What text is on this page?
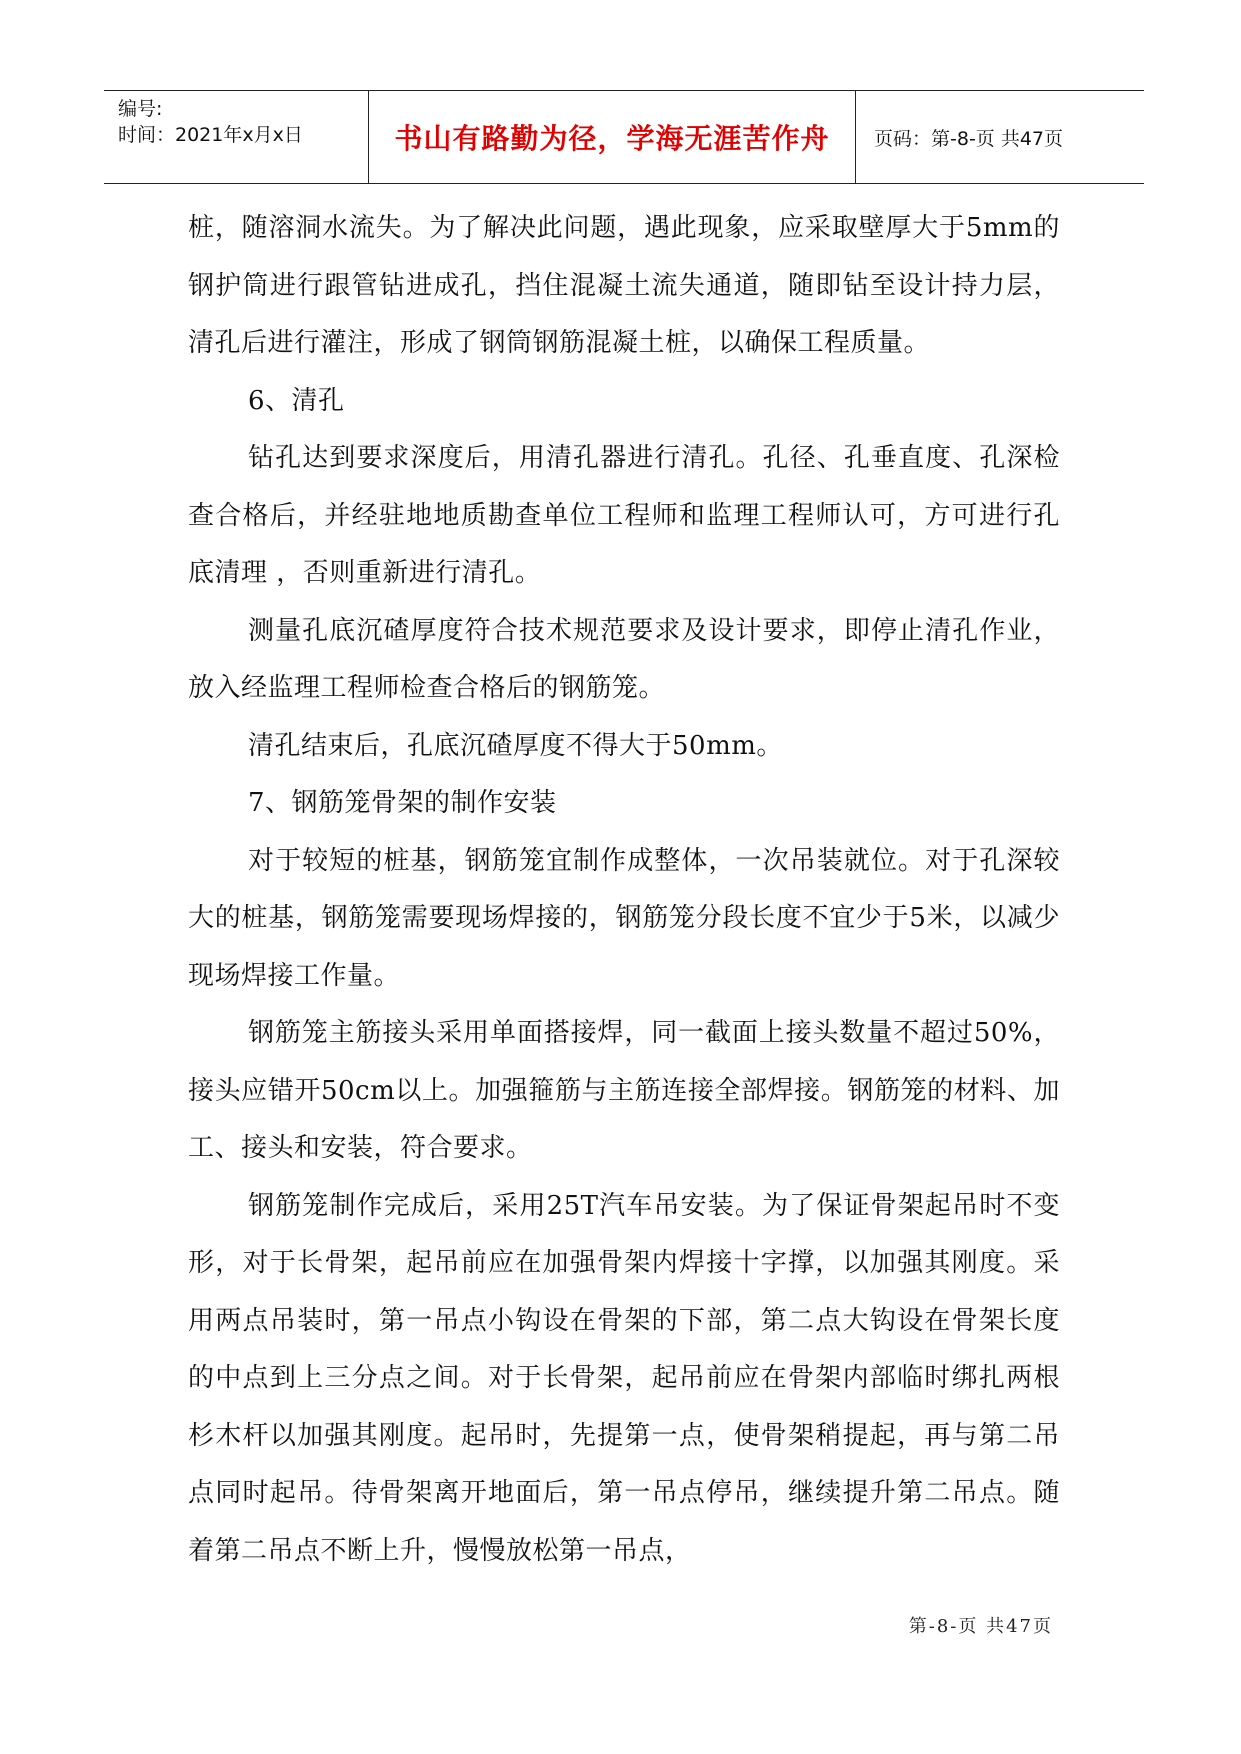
编号:
时间：2021年x月x日	书山有路勤为径，学海无涯苦作舟 页码：第-8-页 共47页

桩，随溶洞水流失。为了解决此问题，遇此现象，应采取壁厚大于5mm的钢护筒进行跟管钻进成孔，挡住混凝土流失通道，随即钻至设计持力层，清孔后进行灌注，形成了钢筒钢筋混凝土桩，以确保工程质量。

6、清孔

钻孔达到要求深度后，用清孔器进行清孔。孔径、孔垂直度、孔深检查合格后，并经驻地地质勘查单位工程师和监理工程师认可，方可进行孔底清理 ，否则重新进行清孔。

测量孔底沉碴厚度符合技术规范要求及设计要求，即停止清孔作业，放入经监理工程师检查合格后的钢筋笼。

清孔结束后，孔底沉碴厚度不得大于50mm。

7、钢筋笼骨架的制作安装

对于较短的桩基，钢筋笼宜制作成整体，一次吊装就位。对于孔深较大的桩基，钢筋笼需要现场焊接的，钢筋笼分段长度不宜少于5米，以减少现场焊接工作量。

钢筋笼主筋接头采用单面搭接焊，同一截面上接头数量不超过50%，接头应错开50cm以上。加强箍筋与主筋连接全部焊接。钢筋笼的材料、加工、接头和安装，符合要求。

钢筋笼制作完成后，采用25T汽车吊安装。为了保证骨架起吊时不变形，对于长骨架，起吊前应在加强骨架内焊接十字撑，以加强其刚度。采用两点吊装时，第一吊点小钩设在骨架的下部，第二点大钩设在骨架长度的中点到上三分点之间。对于长骨架，起吊前应在骨架内部临时绑扎两根杉木杆以加强其刚度。起吊时，先提第一点，使骨架稍提起，再与第二吊点同时起吊。待骨架离开地面后，第一吊点停吊，继续提升第二吊点。随着第二吊点不断上升，慢慢放松第一吊点，

第-8-页 共47页
